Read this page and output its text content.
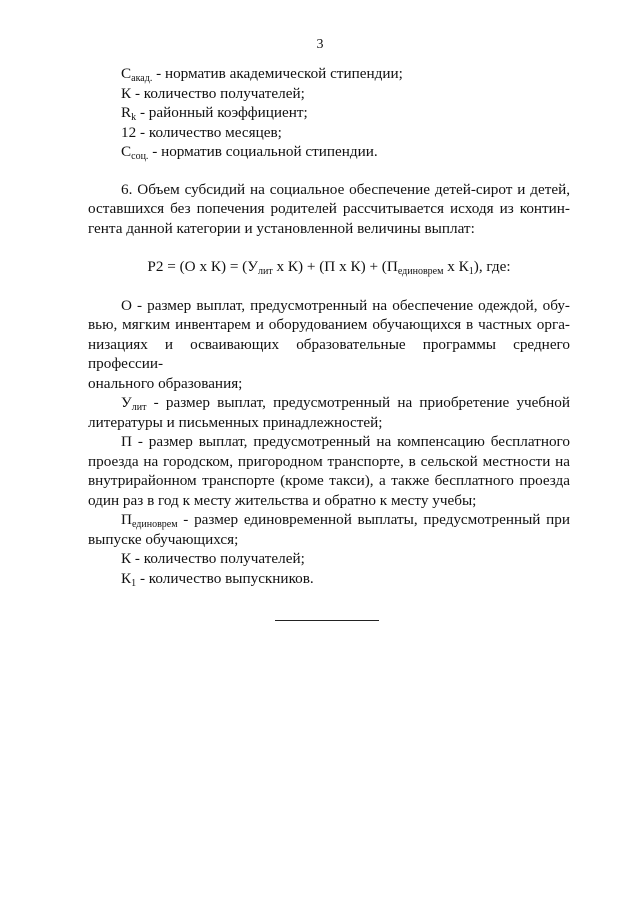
3
$С_{акад.}$ - норматив академической стипендии;
К - количество получателей;
$R_k$ - районный коэффициент;
12 - количество месяцев;
$С_{соц.}$ - норматив социальной стипендии.
6. Объем субсидий на социальное обеспечение детей-сирот и детей,
оставшихся без попечения родителей рассчитывается исходя из контин-
гента данной категории и установленной величины выплат:
Р2 = (О х $К) = (У_{лит}$ х К) + (П х $К) + (П_{единоврем}$ х $К_1$), где:
О - размер выплат, предусмотренный на обеспечение одеждой, обу-
вью, мягким инвентарем и оборудованием обучающихся в частных орга-
низациях и осваивающих образовательные программы среднего профессии-
онального образования;
$У_{лит}$ - размер выплат, предусмотренный на приобретение учебной
литературы и письменных принадлежностей;
П - размер выплат, предусмотренный на компенсацию бесплатного
проезда на городском, пригородном транспорте, в сельской местности на
внутрирайонном транспорте (кроме такси), а также бесплатного проезда
один раз в год к месту жительства и обратно к месту учебы;
$П_{единоврем}$ - размер единовременной выплаты, предусмотренный при
выпуске обучающихся;
К - количество получателей;
$К_1$ - количество выпускников.
